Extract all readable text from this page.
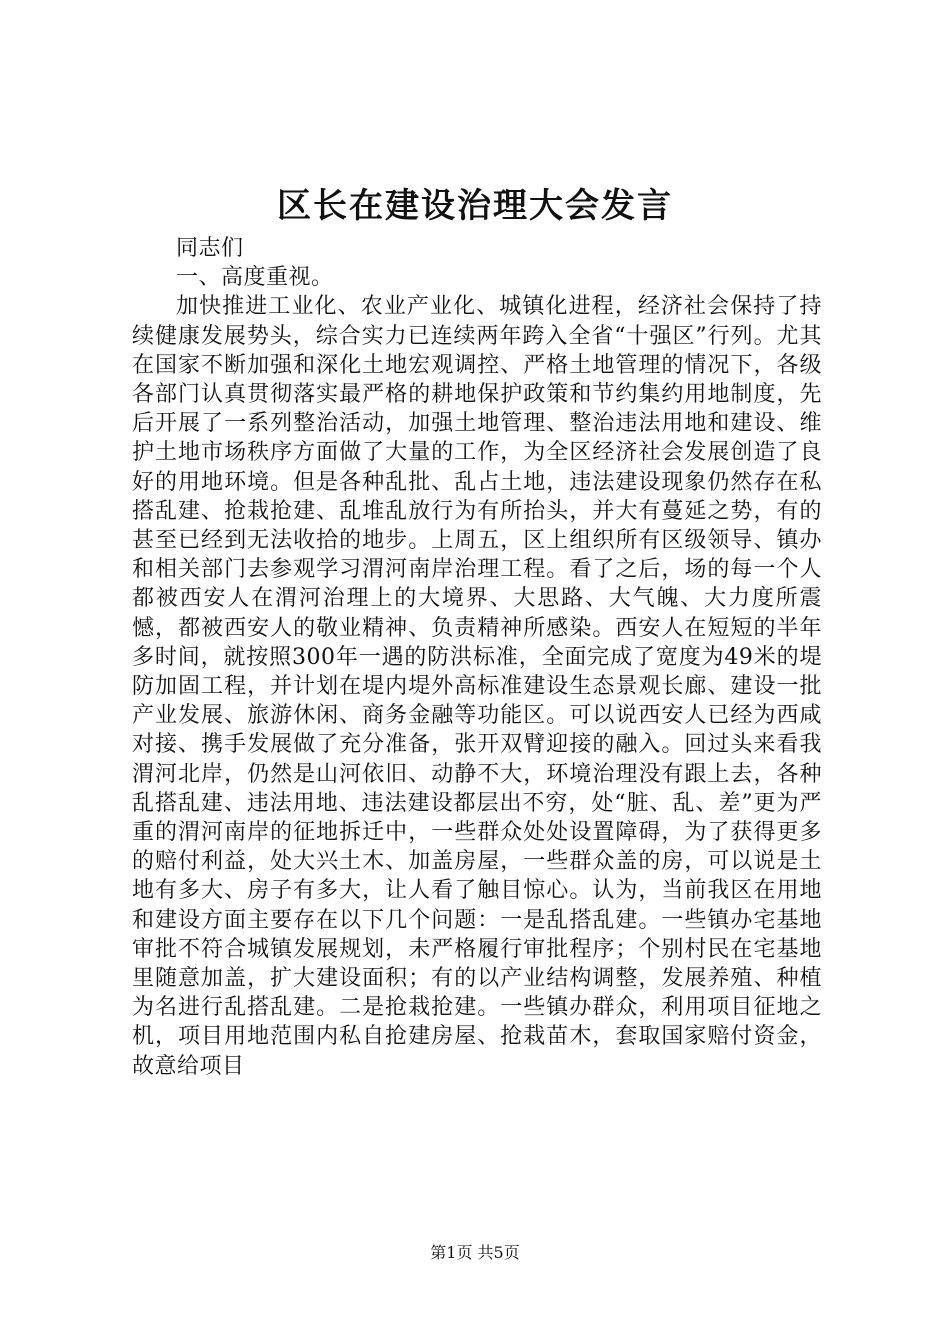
区长在建设治理大会发言

同志们

一、高度重视。

加快推进工业化、农业产业化、城镇化进程，经济社会保持了持续健康发展势头，综合实力已连续两年跨入全省“十强区”行列。尤其在国家不断加强和深化土地宏观调控、严格土地管理的情况下，各级各部门认真贯彻落实最严格的耕地保护政策和节约集约用地制度，先后开展了一系列整治活动，加强土地管理、整治违法用地和建设、维护土地市场秩序方面做了大量的工作，为全区经济社会发展创造了良好的用地环境。但是各种乱批、乱占土地，违法建设现象仍然存在私搭乱建、抢栽抢建、乱堆乱放行为有所抬头，并大有蔓延之势，有的甚至已经到无法收拾的地步。上周五，区上组织所有区级领导、镇办和相关部门去参观学习渭河南岸治理工程。看了之后，场的每一个人都被西安人在渭河治理上的大境界、大思路、大气魄、大力度所震憾，都被西安人的敬业精神、负责精神所感染。西安人在短短的半年多时间，就按照300年一遇的防洪标准，全面完成了宽度为49米的堤防加固工程，并计划在堤内堤外高标准建设生态景观长廊、建设一批产业发展、旅游休闲、商务金融等功能区。可以说西安人已经为西咸对接、携手发展做了充分准备，张开双臂迎接的融入。回过头来看我渭河北岸，仍然是山河依旧、动静不大，环境治理没有跟上去，各种乱搭乱建、违法用地、违法建设都层出不穷，处“脏、乱、差”更为严重的渭河南岸的征地拆迁中，一些群众处处设置障碍，为了获得更多的赔付利益，处大兴土木、加盖房屋，一些群众盖的房，可以说是土地有多大、房子有多大，让人看了触目惊心。认为，当前我区在用地和建设方面主要存在以下几个问题：一是乱搭乱建。一些镇办宅基地审批不符合城镇发展规划，未严格履行审批程序；个别村民在宅基地里随意加盖，扩大建设面积；有的以产业结构调整，发展养殖、种植为名进行乱搭乱建。二是抢栽抢建。一些镇办群众，利用项目征地之机，项目用地范围内私自抢建房屋、抢栽苗木，套取国家赔付资金，故意给项目

第1页 共5页
